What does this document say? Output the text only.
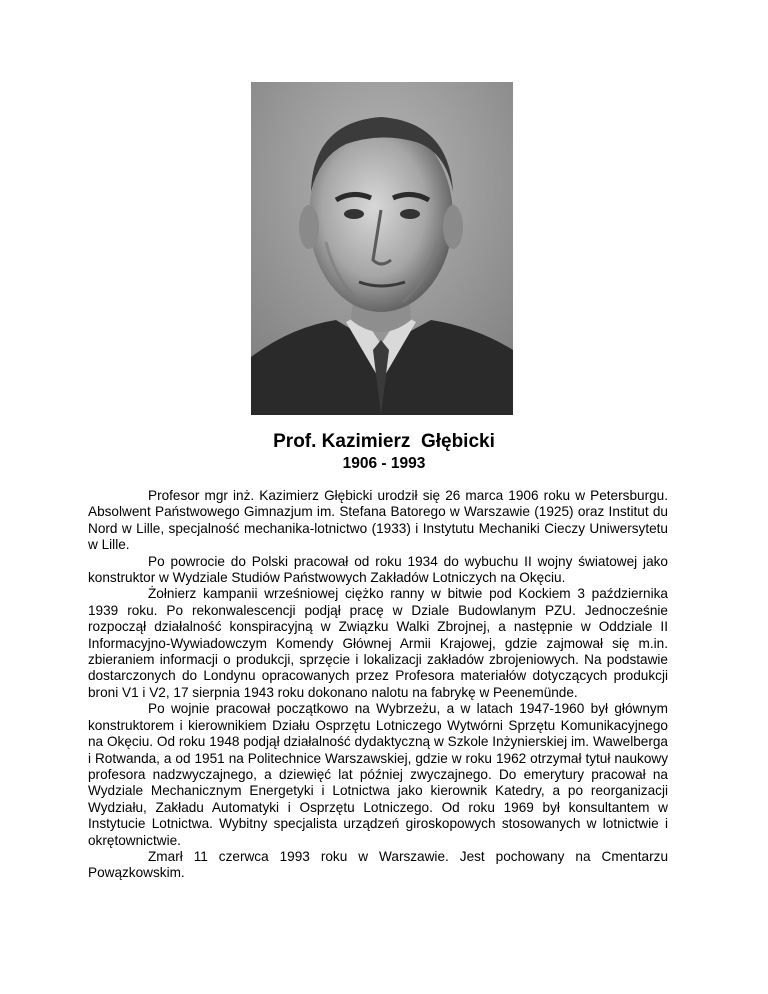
Prof. Kazimierz  Głębicki
1906 - 1993

Profesor mgr inż. Kazimierz Głębicki urodził się 26 marca 1906 roku w Petersburgu. Absolwent Państwowego Gimnazjum im. Stefana Batorego w Warszawie (1925) oraz Institut du Nord w Lille, specjalność mechanika-lotnictwo (1933) i Instytutu Mechaniki Cieczy Uniwersytetu w Lille.

Po powrocie do Polski pracował od roku 1934 do wybuchu II wojny światowej jako konstruktor w Wydziale Studiów Państwowych Zakładów Lotniczych na Okęciu.

Żołnierz kampanii wrześniowej ciężko ranny w bitwie pod Kockiem 3 października 1939 roku. Po rekonwalescencji podjął pracę w Dziale Budowlanym PZU. Jednocześnie rozpoczął działalność konspiracyjną w Związku Walki Zbrojnej, a następnie w Oddziale II Informacyjno-Wywiadowczym Komendy Głównej Armii Krajowej, gdzie zajmował się m.in. zbieraniem informacji o produkcji, sprzęcie i lokalizacji zakładów zbrojeniowych. Na podstawie dostarczonych do Londynu opracowanych przez Profesora materiałów dotyczących produkcji broni V1 i V2, 17 sierpnia 1943 roku dokonano nalotu na fabrykę w Peenemünde.

Po wojnie pracował początkowo na Wybrzeżu, a w latach 1947-1960 był głównym konstruktorem i kierownikiem Działu Osprzętu Lotniczego Wytwórni Sprzętu Komunikacyjnego na Okęciu. Od roku 1948 podjął działalność dydaktyczną w Szkole Inżynierskiej im. Wawelberga i Rotwanda, a od 1951 na Politechnice Warszawskiej, gdzie w roku 1962 otrzymał tytuł naukowy profesora nadzwyczajnego, a dziewięć lat później zwyczajnego. Do emerytury pracował na Wydziale Mechanicznym Energetyki i Lotnictwa jako kierownik Katedry, a po reorganizacji Wydziału, Zakładu Automatyki i Osprzętu Lotniczego. Od roku 1969 był konsultantem w Instytucie Lotnictwa. Wybitny specjalista urządzeń giroskopowych stosowanych w lotnictwie i okrętownictwie.

Zmarł 11 czerwca 1993 roku w Warszawie. Jest pochowany na Cmentarzu Powązkowskim.
